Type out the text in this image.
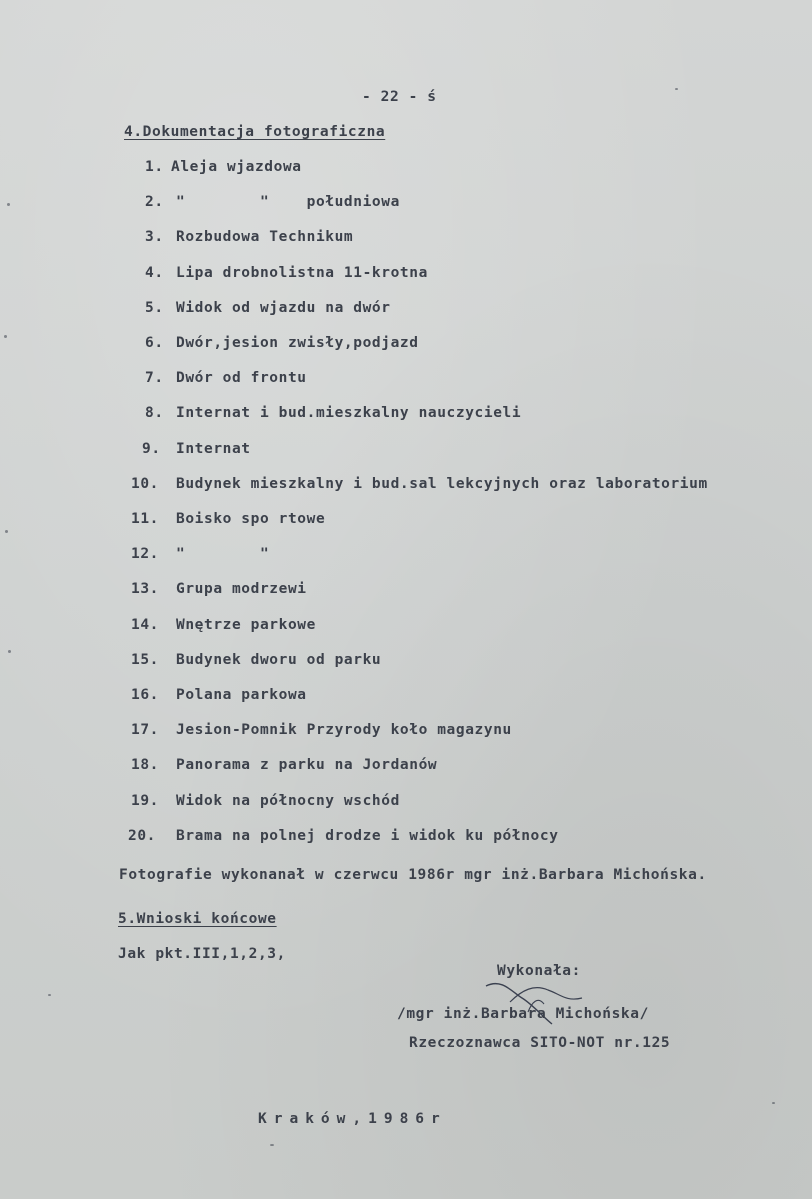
- 22 - ś
4.Dokumentacja fotograficzna
1. Aleja wjazdowa
2. "        "    południowa
3. Rozbudowa Technikum
4. Lipa drobnolistna 11-krotna
5. Widok od wjazdu na dwór
6. Dwór,jesion zwisły,podjazd
7. Dwór od frontu
8. Internat i bud.mieszkalny nauczycieli
9. Internat
10. Budynek mieszkalny i bud.sal lekcyjnych oraz laboratorium
11. Boisko spo rtowe
12. "        "
13. Grupa modrzewi
14. Wnętrze parkowe
15. Budynek dworu od parku
16. Polana parkowa
17. Jesion-Pomnik Przyrody koło magazynu
18. Panorama z parku na Jordanów
19. Widok na północny wschód
20. Brama na polnej drodze i widok ku północy
Fotografie wykonanał w czerwcu 1986r mgr inż.Barbara Michońska.
5.Wnioski końcowe
Jak pkt.III,1,2,3,
Wykonała:
/mgr inż.Barbara Michońska/
Rzeczoznawca SITO-NOT nr.125
Kraków,1986r
